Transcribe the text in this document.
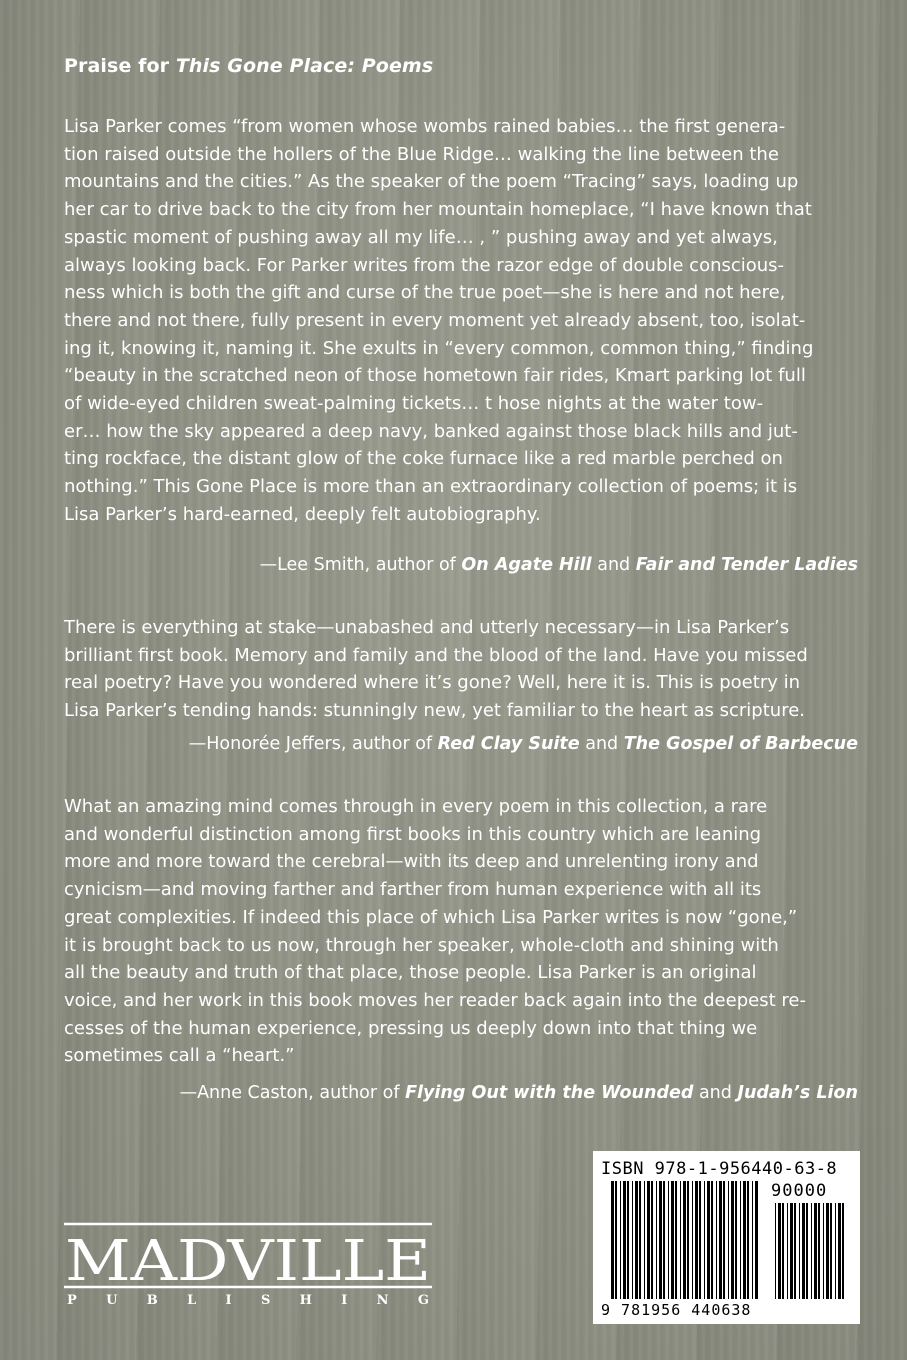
Praise for This Gone Place: Poems

Lisa Parker comes “from women whose wombs rained babies… the first genera-
tion raised outside the hollers of the Blue Ridge… walking the line between the
mountains and the cities.” As the speaker of the poem “Tracing” says, loading up
her car to drive back to the city from her mountain homeplace, “I have known that
spastic moment of pushing away all my life… , ” pushing away and yet always,
always looking back. For Parker writes from the razor edge of double conscious-
ness which is both the gift and curse of the true poet—she is here and not here,
there and not there, fully present in every moment yet already absent, too, isolat-
ing it, knowing it, naming it. She exults in “every common, common thing,” finding
“beauty in the scratched neon of those hometown fair rides, Kmart parking lot full
of wide-eyed children sweat-palming tickets… t hose nights at the water tow-
er… how the sky appeared a deep navy, banked against those black hills and jut-
ting rockface, the distant glow of the coke furnace like a red marble perched on
nothing.” This Gone Place is more than an extraordinary collection of poems; it is
Lisa Parker’s hard-earned, deeply felt autobiography.

—Lee Smith, author of On Agate Hill and Fair and Tender Ladies

There is everything at stake—unabashed and utterly necessary—in Lisa Parker’s
brilliant first book. Memory and family and the blood of the land. Have you missed
real poetry? Have you wondered where it’s gone? Well, here it is. This is poetry in
Lisa Parker’s tending hands: stunningly new, yet familiar to the heart as scripture.

—Honorée Jeffers, author of Red Clay Suite and The Gospel of Barbecue

What an amazing mind comes through in every poem in this collection, a rare
and wonderful distinction among first books in this country which are leaning
more and more toward the cerebral—with its deep and unrelenting irony and
cynicism—and moving farther and farther from human experience with all its
great complexities. If indeed this place of which Lisa Parker writes is now “gone,”
it is brought back to us now, through her speaker, whole-cloth and shining with
all the beauty and truth of that place, those people. Lisa Parker is an original
voice, and her work in this book moves her reader back again into the deepest re-
cesses of the human experience, pressing us deeply down into that thing we
sometimes call a “heart.”

—Anne Caston, author of Flying Out with the Wounded and Judah’s Lion
MADVILLE
PUBLISHING
ISBN 978-1-956440-63-8
90000
9 781956 440638
